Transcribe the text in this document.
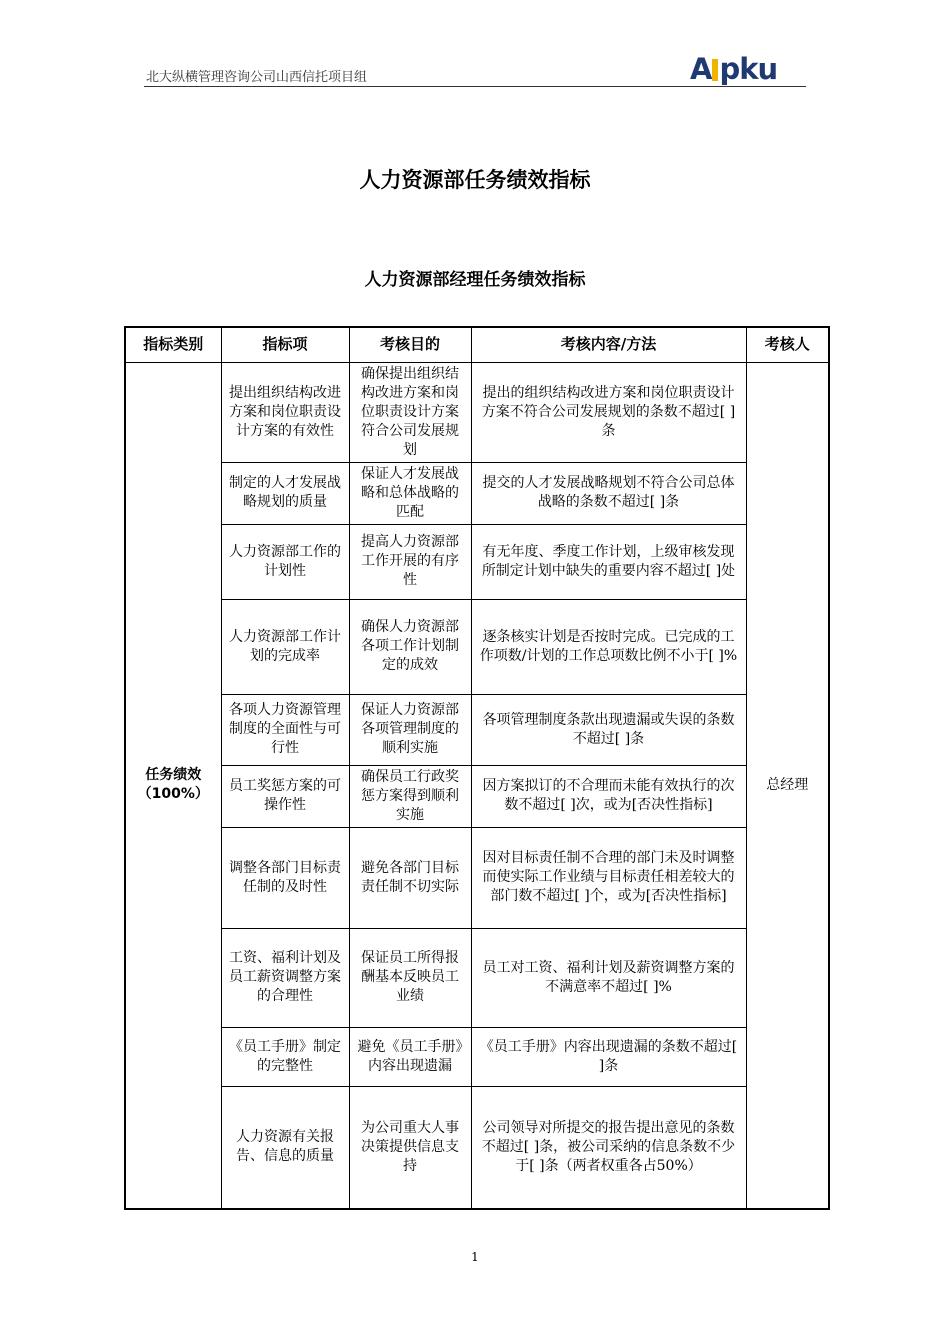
北大纵横管理咨询公司山西信托项目组	A pku
人力资源部任务绩效指标
人力资源部经理任务绩效指标
指标类别	指标项	考核目的	考核内容/方法	考核人

任务绩效
（100%）	提出组织结构改进方案和岗位职责设计方案的有效性	确保提出组织结构改进方案和岗位职责设计方案符合公司发展规划	提出的组织结构改进方案和岗位职责设计方案不符合公司发展规划的条数不超过[ ]条	总经理
	制定的人才发展战略规划的质量	保证人才发展战略和总体战略的匹配	提交的人才发展战略规划不符合公司总体战略的条数不超过[ ]条	
	人力资源部工作的计划性	提高人力资源部工作开展的有序性	有无年度、季度工作计划，上级审核发现所制定计划中缺失的重要内容不超过[ ]处	
	人力资源部工作计划的完成率	确保人力资源部各项工作计划制定的成效	逐条核实计划是否按时完成。已完成的工作项数/计划的工作总项数比例不小于[ ]%	
	各项人力资源管理制度的全面性与可行性	保证人力资源部各项管理制度的顺利实施	各项管理制度条款出现遗漏或失误的条数不超过[ ]条	
	员工奖惩方案的可操作性	确保员工行政奖惩方案得到顺利实施	因方案拟订的不合理而未能有效执行的次数不超过[ ]次，或为[否决性指标]	
	调整各部门目标责任制的及时性	避免各部门目标责任制不切实际	因对目标责任制不合理的部门未及时调整而使实际工作业绩与目标责任相差较大的部门数不超过[ ]个，或为[否决性指标]	
	工资、福利计划及员工薪资调整方案的合理性	保证员工所得报酬基本反映员工业绩	员工对工资、福利计划及薪资调整方案的不满意率不超过[ ]%	
	《员工手册》制定的完整性	避免《员工手册》内容出现遗漏	《员工手册》内容出现遗漏的条数不超过[ ]条	
	人力资源有关报告、信息的质量	为公司重大人事决策提供信息支持	公司领导对所提交的报告提出意见的条数不超过[ ]条，被公司采纳的信息条数不少于[ ]条（两者权重各占50%）	
1
